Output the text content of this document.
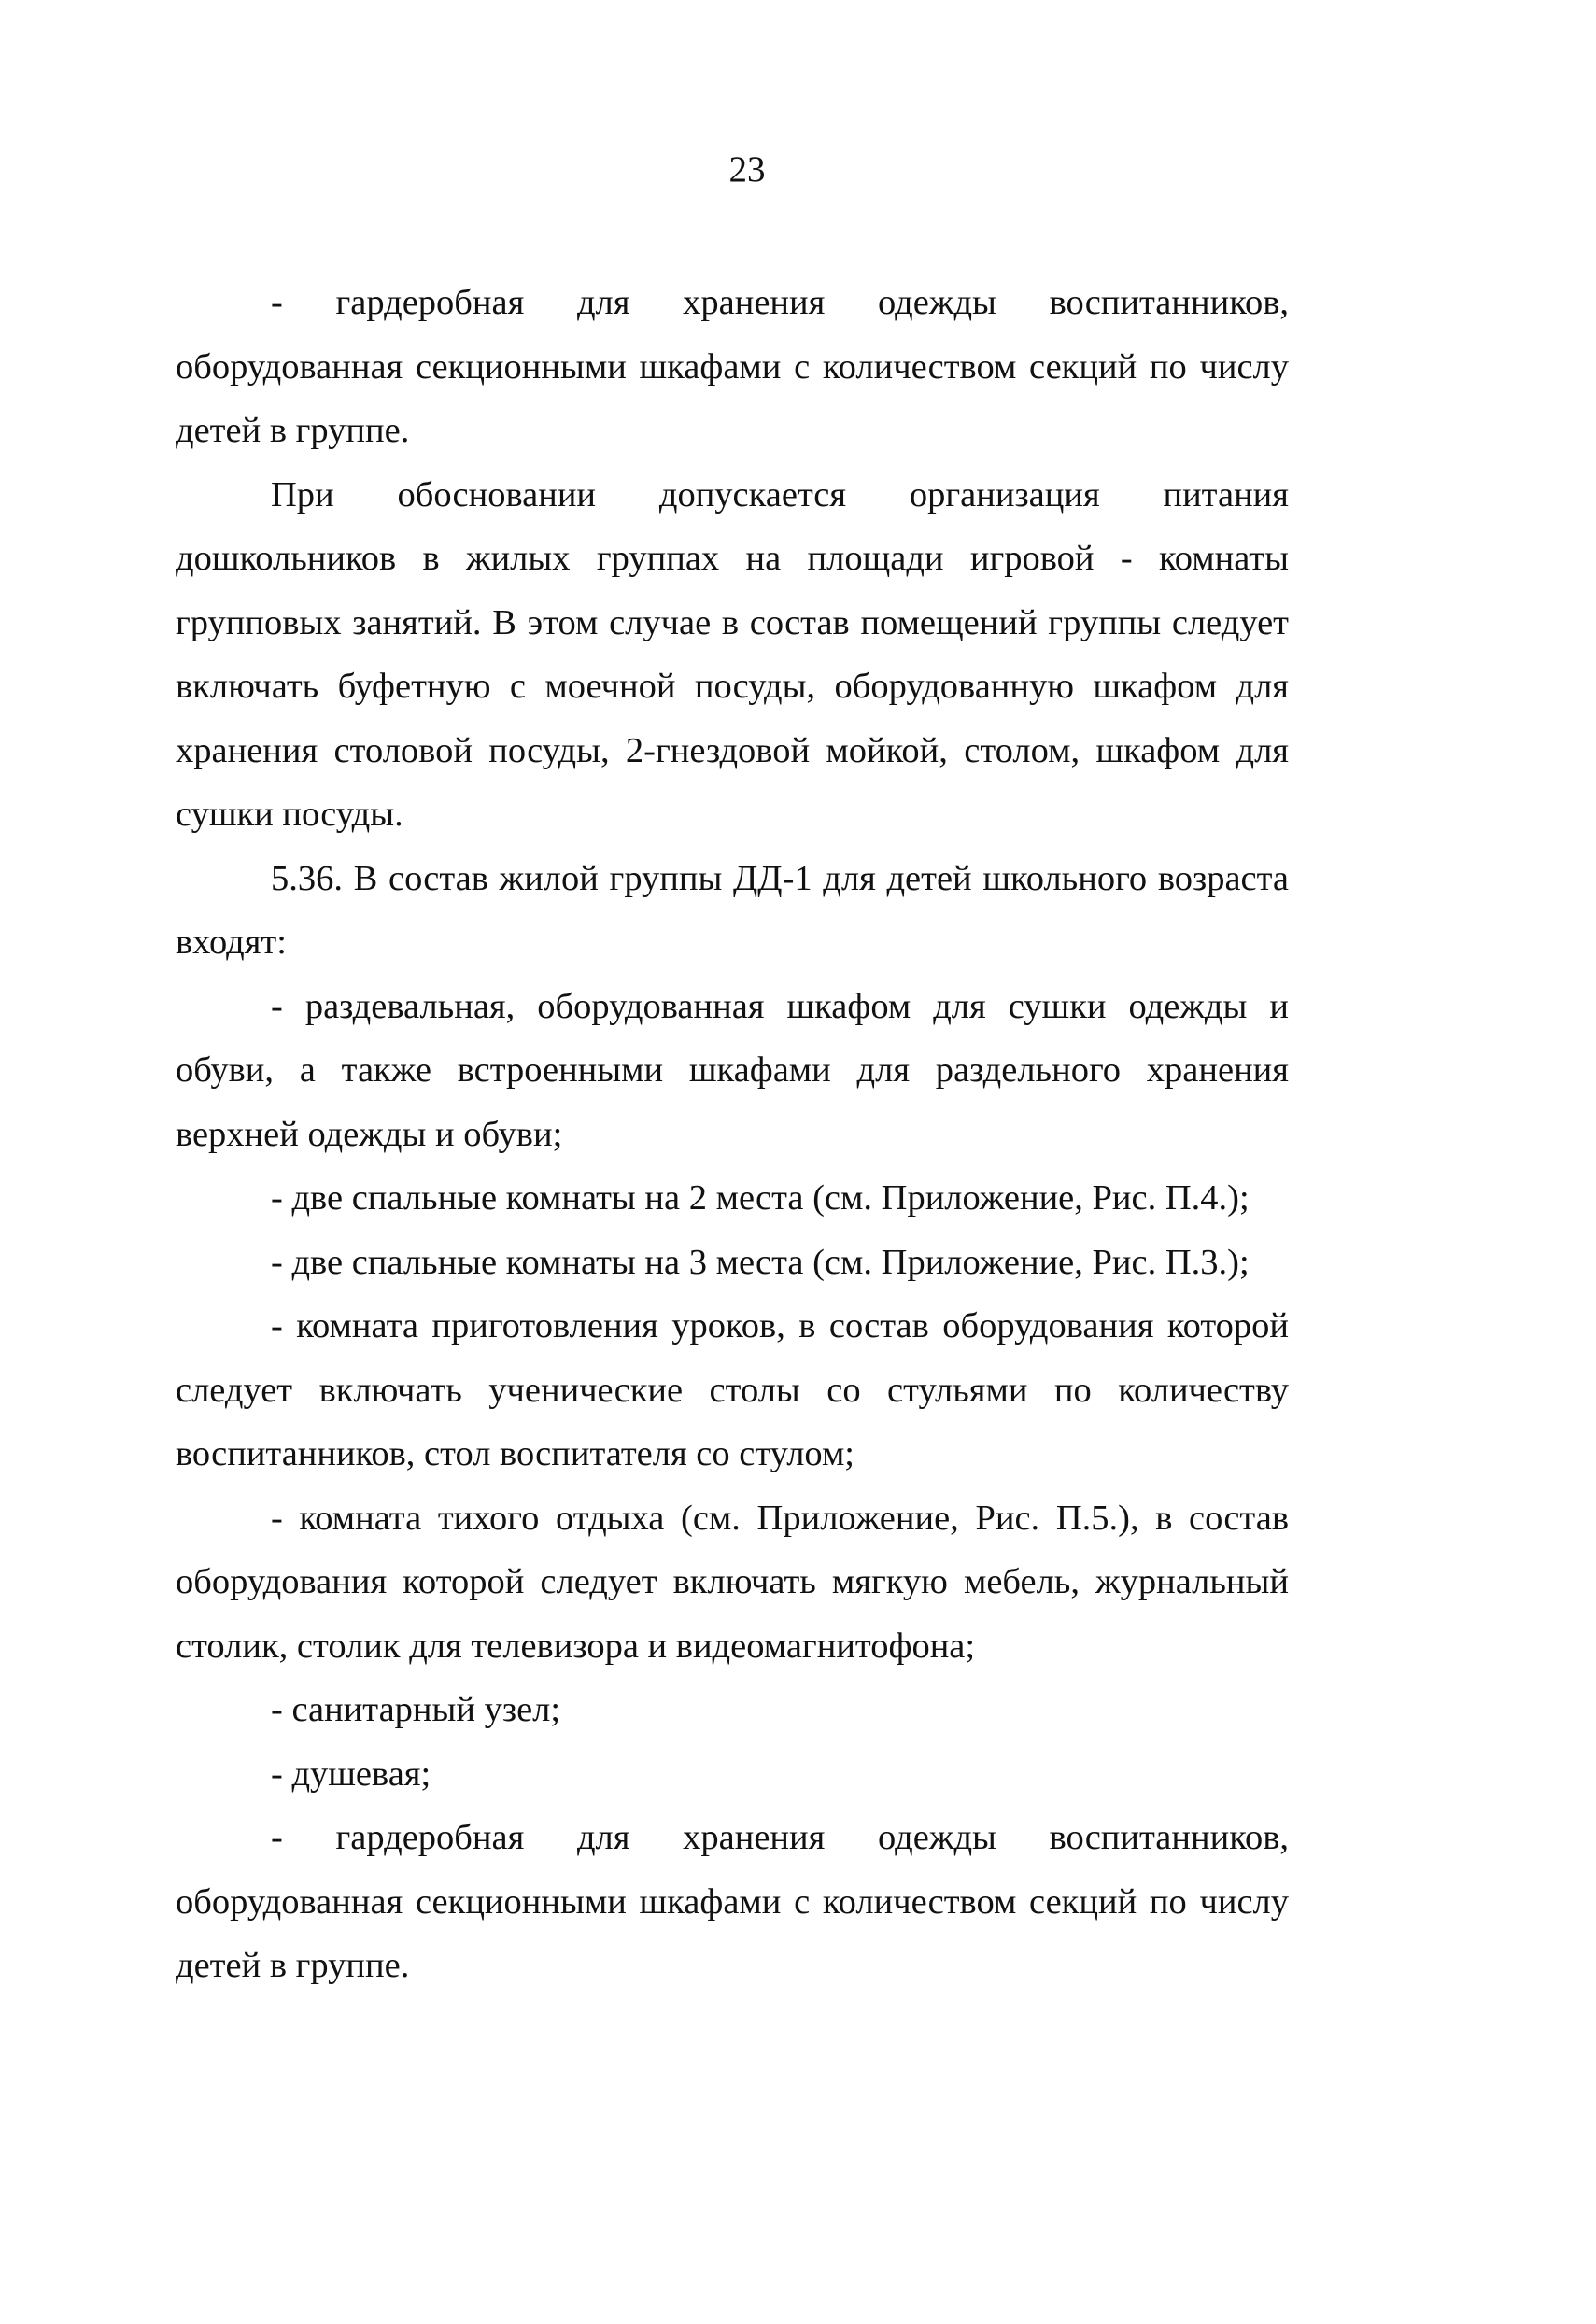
23

- гардеробная для хранения одежды воспитанников, оборудованная секционными шкафами с количеством секций по числу детей в группе.

При обосновании допускается организация питания дошкольников в жилых группах на площади игровой - комнаты групповых занятий. В этом случае в состав помещений группы следует включать буфетную с моечной посуды, оборудованную шкафом для хранения столовой посуды, 2-гнездовой мойкой, столом, шкафом для сушки посуды.

5.36. В состав жилой группы ДД-1 для детей школьного возраста входят:

- раздевальная, оборудованная шкафом для сушки одежды и обуви, а также встроенными шкафами для раздельного хранения верхней одежды и обуви;

- две спальные комнаты на 2 места (см. Приложение, Рис. П.4.);

- две спальные комнаты на 3 места (см. Приложение, Рис. П.3.);

- комната приготовления уроков, в состав оборудования которой следует включать ученические столы со стульями по количеству воспитанников, стол воспитателя со стулом;

- комната тихого отдыха (см. Приложение, Рис. П.5.), в состав оборудования которой следует включать мягкую мебель, журнальный столик, столик для телевизора и видеомагнитофона;

- санитарный узел;

- душевая;

- гардеробная для хранения одежды воспитанников, оборудованная секционными шкафами с количеством секций по числу детей в группе.
